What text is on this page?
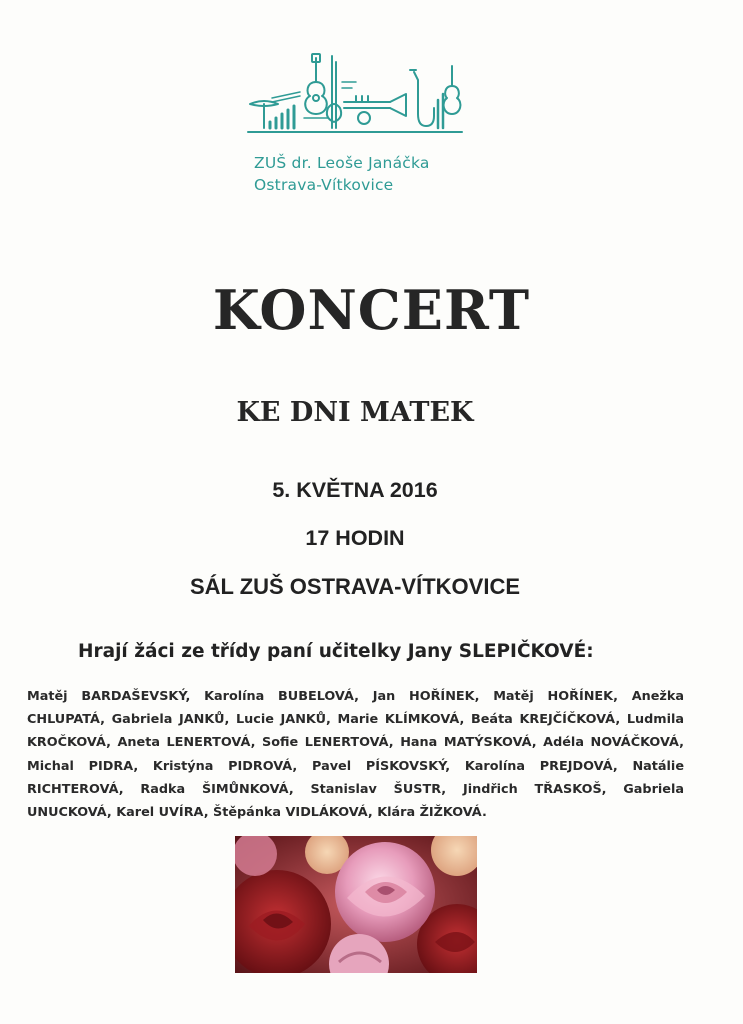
ZUŠ dr. Leoše Janáčka
Ostrava-Vítkovice
KONCERT
KE DNI MATEK
5. KVĚTNA 2016
17 HODIN
SÁL ZUŠ OSTRAVA-VÍTKOVICE
Hrají žáci ze třídy paní učitelky Jany SLEPIČKOVÉ:
Matěj BARDAŠEVSKÝ, Karolína BUBELOVÁ, Jan HOŘÍNEK, Matěj HOŘÍNEK, Anežka CHLUPATÁ, Gabriela JANKŮ, Lucie JANKŮ, Marie KLÍMKOVÁ, Beáta KREJČÍČKOVÁ, Ludmila KROČKOVÁ, Aneta LENERTOVÁ, Sofie LENERTOVÁ, Hana MATÝSKOVÁ, Adéla NOVÁČKOVÁ, Michal PIDRA, Kristýna PIDROVÁ, Pavel PÍSKOVSKÝ, Karolína PREJDOVÁ, Natálie RICHTEROVÁ, Radka ŠIMŮNKOVÁ, Stanislav ŠUSTR, Jindřich TŘASKOŠ, Gabriela UNUCKOVÁ, Karel UVÍRA, Štěpánka VIDLÁKOVÁ, Klára ŽIŽKOVÁ.
